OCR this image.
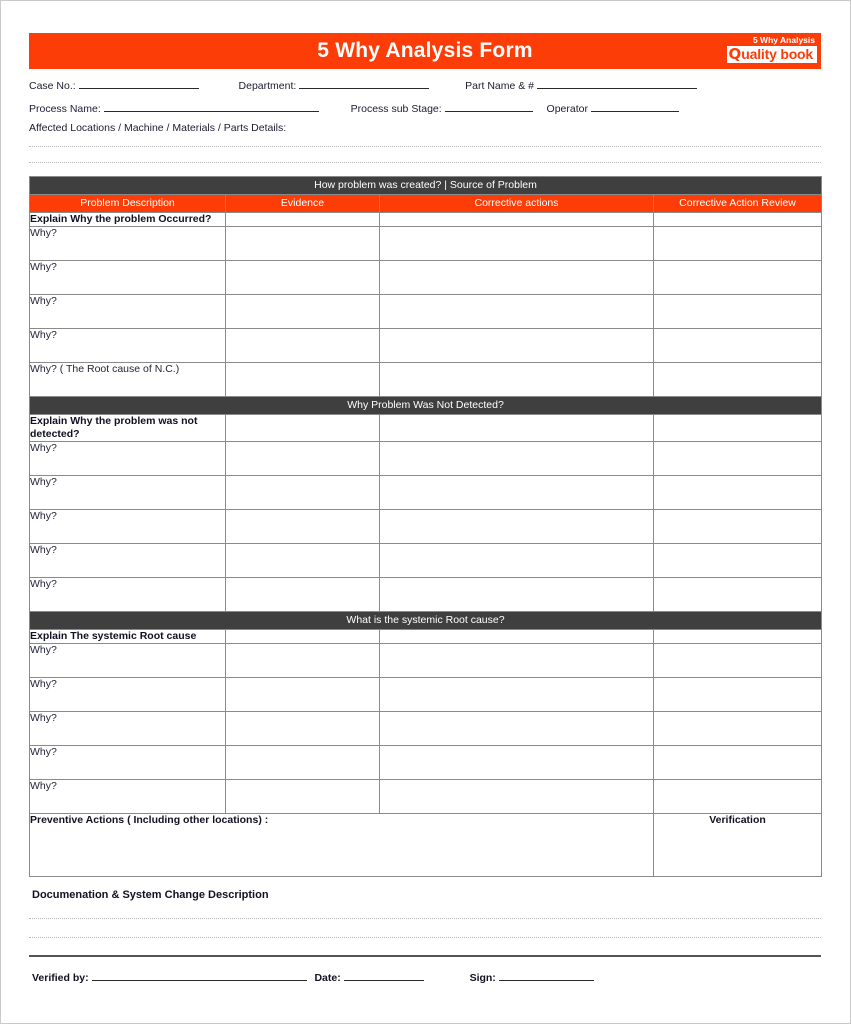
5 Why Analysis Form	5 Why Analysis
Q uality book
Case No.:	Department:	Part Name & #
Process Name:	Process sub Stage:	Operator
Affected Locations / Machine / Materials / Parts Details:
How problem was created? | Source of Problem			
Problem Description	Evidence	Corrective actions	Corrective Action Review
Explain Why the problem Occurred?			
Why?			
Why?			
Why?			
Why?			
Why? ( The Root cause of N.C.)			
Why Problem Was Not Detected?			
Explain Why the problem was not detected?			
Why?			
Why?			
Why?			
Why?			
Why?			
What is the systemic Root cause?			
Explain The systemic Root cause			
Why?			
Why?			
Why?			
Why?			
Why?			
Preventive Actions ( Including other locations) :			Verification
Documenation & System Change Description
Verified by:	Date:	Sign:
